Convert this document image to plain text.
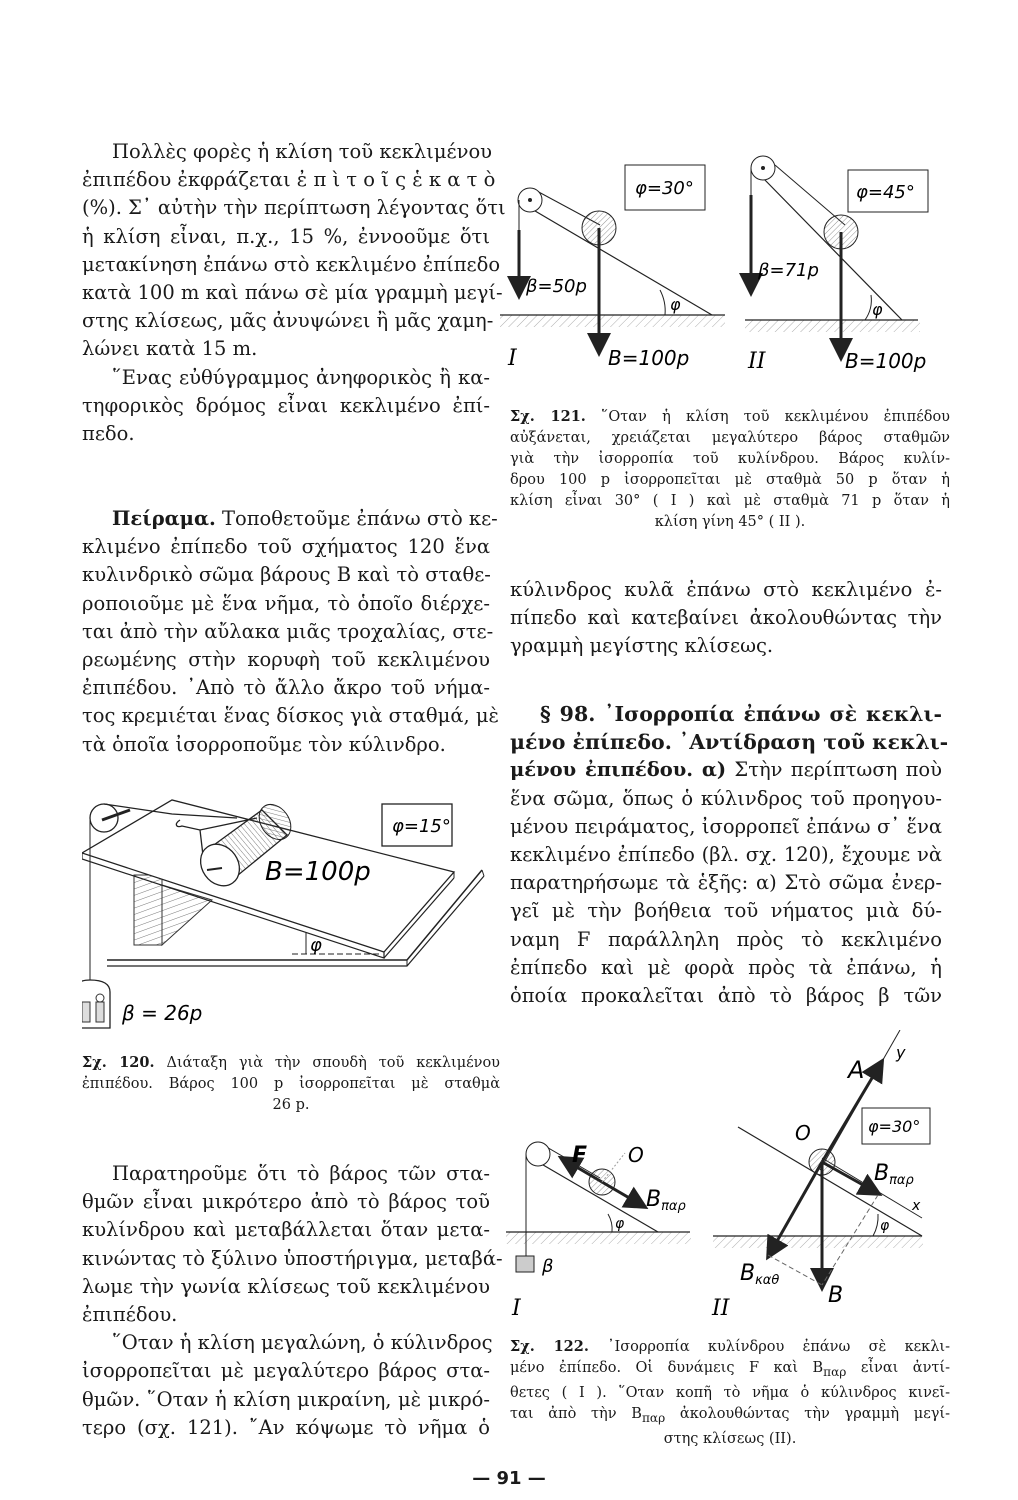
Πολλὲς φορὲς ἡ κλίση τοῦ κεκλιμένου
ἐπιπέδου ἐκφράζεται ἐ π ὶ τ ο ῖ ς ἑ κ α τ ὸ
(%). Σ᾿ αὐτὴν τὴν περίπτωση λέγοντας ὅτι
ἡ κλίση εἶναι, π.χ., 15 %, ἐννοοῦμε ὅτι
μετακίνηση ἐπάνω στὸ κεκλιμένο ἐπίπεδο
κατὰ 100 m καὶ πάνω σὲ μία γραμμὴ μεγί-
στης κλίσεως, μᾶς ἀνυψώνει ἢ μᾶς χαμη-
λώνει κατὰ 15 m.

῞Ενας εὐθύγραμμος ἀνηφορικὸς ἢ κα-
τηφορικὸς δρόμος εἶναι κεκλιμένο ἐπί-
πεδο.

Πείραμα. Τοποθετοῦμε ἐπάνω στὸ κε-
κλιμένο ἐπίπεδο τοῦ σχήματος 120 ἕνα
κυλινδρικὸ σῶμα βάρους Β καὶ τὸ σταθε-
ροποιοῦμε μὲ ἕνα νῆμα, τὸ ὁποῖο διέρχε-
ται ἀπὸ τὴν αὔλακα μιᾶς τροχαλίας, στε-
ρεωμένης στὴν κορυφὴ τοῦ κεκλιμένου
ἐπιπέδου. ᾿Απὸ τὸ ἄλλο ἄκρο τοῦ νήμα-
τος κρεμιέται ἕνας δίσκος γιὰ σταθμά, μὲ
τὰ ὁποῖα ἰσορροποῦμε τὸν κύλινδρο.

φ
B=100p
φ=15°
β = 26p

Σχ. 120. Διάταξη γιὰ τὴν σπουδὴ τοῦ κεκλιμένου
ἐπιπέδου. Βάρος 100 p ἰσορροπεῖται μὲ σταθμὰ
26 p.

Παρατηροῦμε ὅτι τὸ βάρος τῶν στα-
θμῶν εἶναι μικρότερο ἀπὸ τὸ βάρος τοῦ
κυλίνδρου καὶ μεταβάλλεται ὅταν μετα-
κινώντας τὸ ξύλινο ὑποστήριγμα, μεταβά-
λωμε τὴν γωνία κλίσεως τοῦ κεκλιμένου
ἐπιπέδου.

῞Οταν ἡ κλίση μεγαλώνη, ὁ κύλινδρος
ἰσορροπεῖται μὲ μεγαλύτερο βάρος στα-
θμῶν. ῞Οταν ἡ κλίση μικραίνη, μὲ μικρό-
τερο (σχ. 121). ῎Αν κόψωμε τὸ νῆμα ὁ

φ
φ=30°
β=50p
B=100p
I
φ
φ=45°
β=71p
B=100p
II

Σχ. 121. ῞Οταν ἡ κλίση τοῦ κεκλιμένου ἐπιπέδου
αὐξάνεται, χρειάζεται μεγαλύτερο βάρος σταθμῶν
γιὰ τὴν ἰσορροπία τοῦ κυλίνδρου. Βάρος κυλίν-
δρου 100 p ἰσορροπεῖται μὲ σταθμὰ 50 p ὅταν ἡ
κλίση εἶναι 30° ( I ) καὶ μὲ σταθμὰ 71 p ὅταν ἡ
κλίση γίνη 45° ( II ).

κύλινδρος κυλᾶ ἐπάνω στὸ κεκλιμένο ἐ-
πίπεδο καὶ κατεβαίνει ἀκολουθώντας τὴν
γραμμὴ μεγίστης κλίσεως.

§ 98. ᾿Ισορροπία ἐπάνω σὲ κεκλι-
μένο ἐπίπεδο. ᾿Αντίδραση τοῦ κεκλι-
μένου ἐπιπέδου. α) Στὴν περίπτωση ποὺ
ἕνα σῶμα, ὅπως ὁ κύλινδρος τοῦ προηγου-
μένου πειράματος, ἰσορροπεῖ ἐπάνω σ᾿ ἕνα
κεκλιμένο ἐπίπεδο (βλ. σχ. 120), ἔχουμε νὰ
παρατηρήσωμε τὰ ἑξῆς: α) Στὸ σῶμα ἐνερ-
γεῖ μὲ τὴν βοήθεια τοῦ νήματος μιὰ δύ-
ναμη F παράλληλη πρὸς τὸ κεκλιμένο
ἐπίπεδο καὶ μὲ φορὰ πρὸς τὰ ἐπάνω, ἡ
ὁποία προκαλεῖται ἀπὸ τὸ βάρος β τῶν

φ
F O
Bπαρ
β
I
φ
φ=30°
O
A
y
x
Bπαρ
Bκαθ
B
II

Σχ. 122. ᾿Ισορροπία κυλίνδρου ἐπάνω σὲ κεκλι-
μένο ἐπίπεδο. Οἱ δυνάμεις F καὶ $B_{\pi\alpha\rho}$ εἶναι ἀντί-
θετες ( I ). ῞Οταν κοπῆ τὸ νῆμα ὁ κύλινδρος κινεῖ-
ται ἀπὸ τὴν $B_{\pi\alpha\rho}$ ἀκολουθώντας τὴν γραμμὴ μεγί-
στης κλίσεως (II).

— 91 —
